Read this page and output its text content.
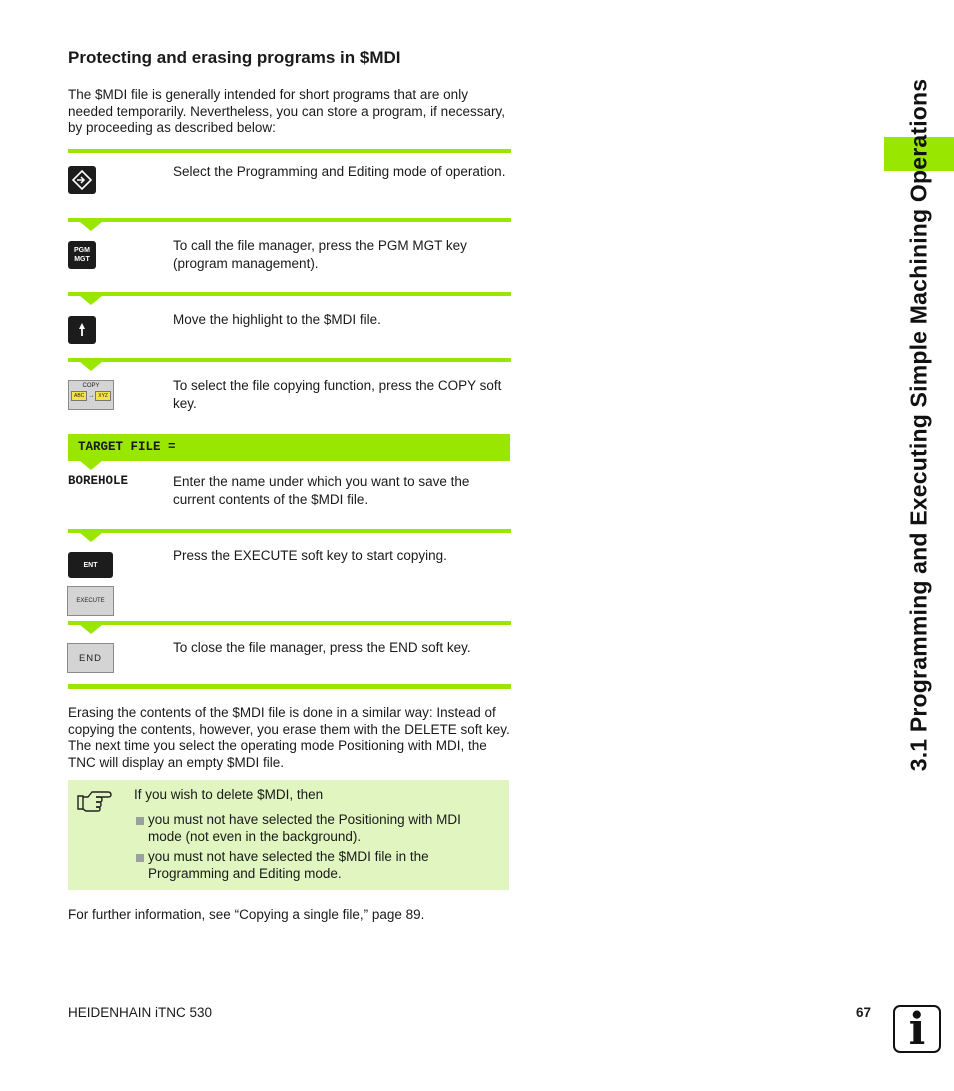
Protecting and erasing programs in $MDI

The $MDI file is generally intended for short programs that are only needed temporarily. Nevertheless, you can store a program, if necessary, by proceeding as described below:

Select the Programming and Editing mode of operation.
PGM
MGT
To call the file manager, press the PGM MGT key (program management).
Move the highlight to the $MDI file.
COPY
ABC → XYZ
To select the file copying function, press the COPY soft key.
TARGET FILE =
BOREHOLE	Enter the name under which you want to save the current contents of the $MDI file.
ENT
EXECUTE
Press the EXECUTE soft key to start copying.
END
To close the file manager, press the END soft key.

Erasing the contents of the $MDI file is done in a similar way: Instead of copying the contents, however, you erase them with the DELETE soft key. The next time you select the operating mode Positioning with MDI, the TNC will display an empty $MDI file.

If you wish to delete $MDI, then

you must not have selected the Positioning with MDI mode (not even in the background).

you must not have selected the $MDI file in the Programming and Editing mode.

For further information, see “Copying a single file,” page 89.

3.1 Programming and Executing Simple Machining Operations
HEIDENHAIN iTNC 530	67 i
